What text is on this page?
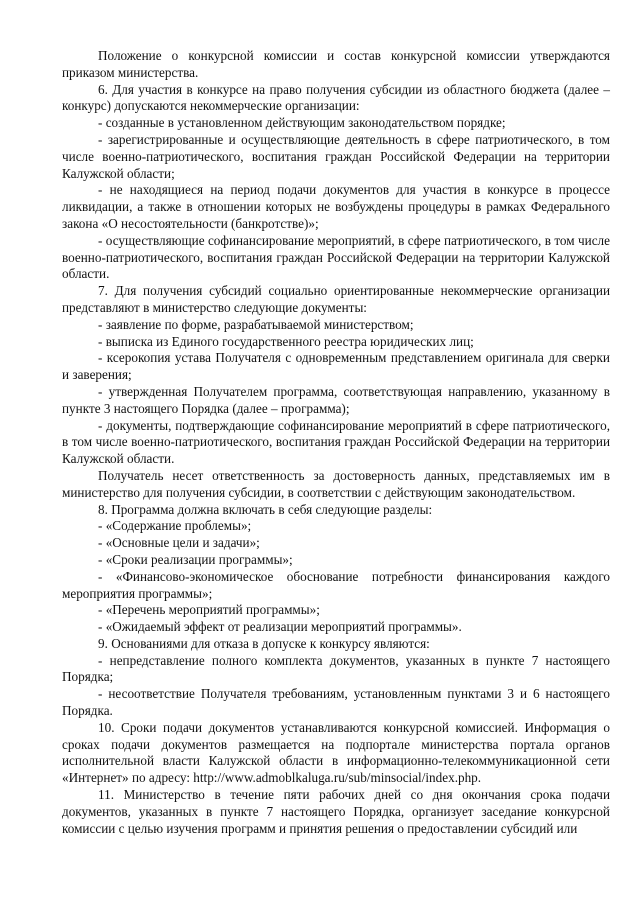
Положение о конкурсной комиссии и состав конкурсной комиссии утверждаются приказом министерства.

6. Для участия в конкурсе на право получения субсидии из областного бюджета (далее – конкурс) допускаются некоммерческие организации:

- созданные в установленном действующим законодательством порядке;

- зарегистрированные и осуществляющие деятельность в сфере патриотического, в том числе военно-патриотического, воспитания граждан Российской Федерации на территории Калужской области;

- не находящиеся на период подачи документов для участия в конкурсе в процессе ликвидации, а также в отношении которых не возбуждены процедуры в рамках Федерального закона «О несостоятельности (банкротстве)»;

- осуществляющие софинансирование мероприятий, в сфере патриотического, в том числе военно-патриотического, воспитания граждан Российской Федерации на территории Калужской области.

7. Для получения субсидий социально ориентированные некоммерческие организации представляют в министерство следующие документы:

- заявление по форме, разрабатываемой министерством;

- выписка из Единого государственного реестра юридических лиц;

- ксерокопия устава Получателя с одновременным представлением оригинала для сверки и заверения;

- утвержденная Получателем программа, соответствующая направлению, указанному в пункте 3 настоящего Порядка (далее – программа);

- документы, подтверждающие софинансирование мероприятий в сфере патриотического, в том числе военно-патриотического, воспитания граждан Российской Федерации на территории Калужской области.

Получатель несет ответственность за достоверность данных, представляемых им в министерство для получения субсидии, в соответствии с действующим законодательством.

8. Программа должна включать в себя следующие разделы:

- «Содержание проблемы»;

- «Основные цели и задачи»;

- «Сроки реализации программы»;

- «Финансово-экономическое обоснование потребности финансирования каждого мероприятия программы»;

- «Перечень мероприятий программы»;

- «Ожидаемый эффект от реализации мероприятий программы».

9. Основаниями для отказа в допуске к конкурсу являются:

- непредставление полного комплекта документов, указанных в пункте 7 настоящего Порядка;

- несоответствие Получателя требованиям, установленным пунктами 3 и 6 настоящего Порядка.

10. Сроки подачи документов устанавливаются конкурсной комиссией. Информация о сроках подачи документов размещается на подпортале министерства портала органов исполнительной власти Калужской области в информационно-телекоммуникационной сети «Интернет» по адресу: http://www.admoblkaluga.ru/sub/minsocial/index.php.

11. Министерство в течение пяти рабочих дней со дня окончания срока подачи документов, указанных в пункте 7 настоящего Порядка, организует заседание конкурсной комиссии с целью изучения программ и принятия решения о предоставлении субсидий или
